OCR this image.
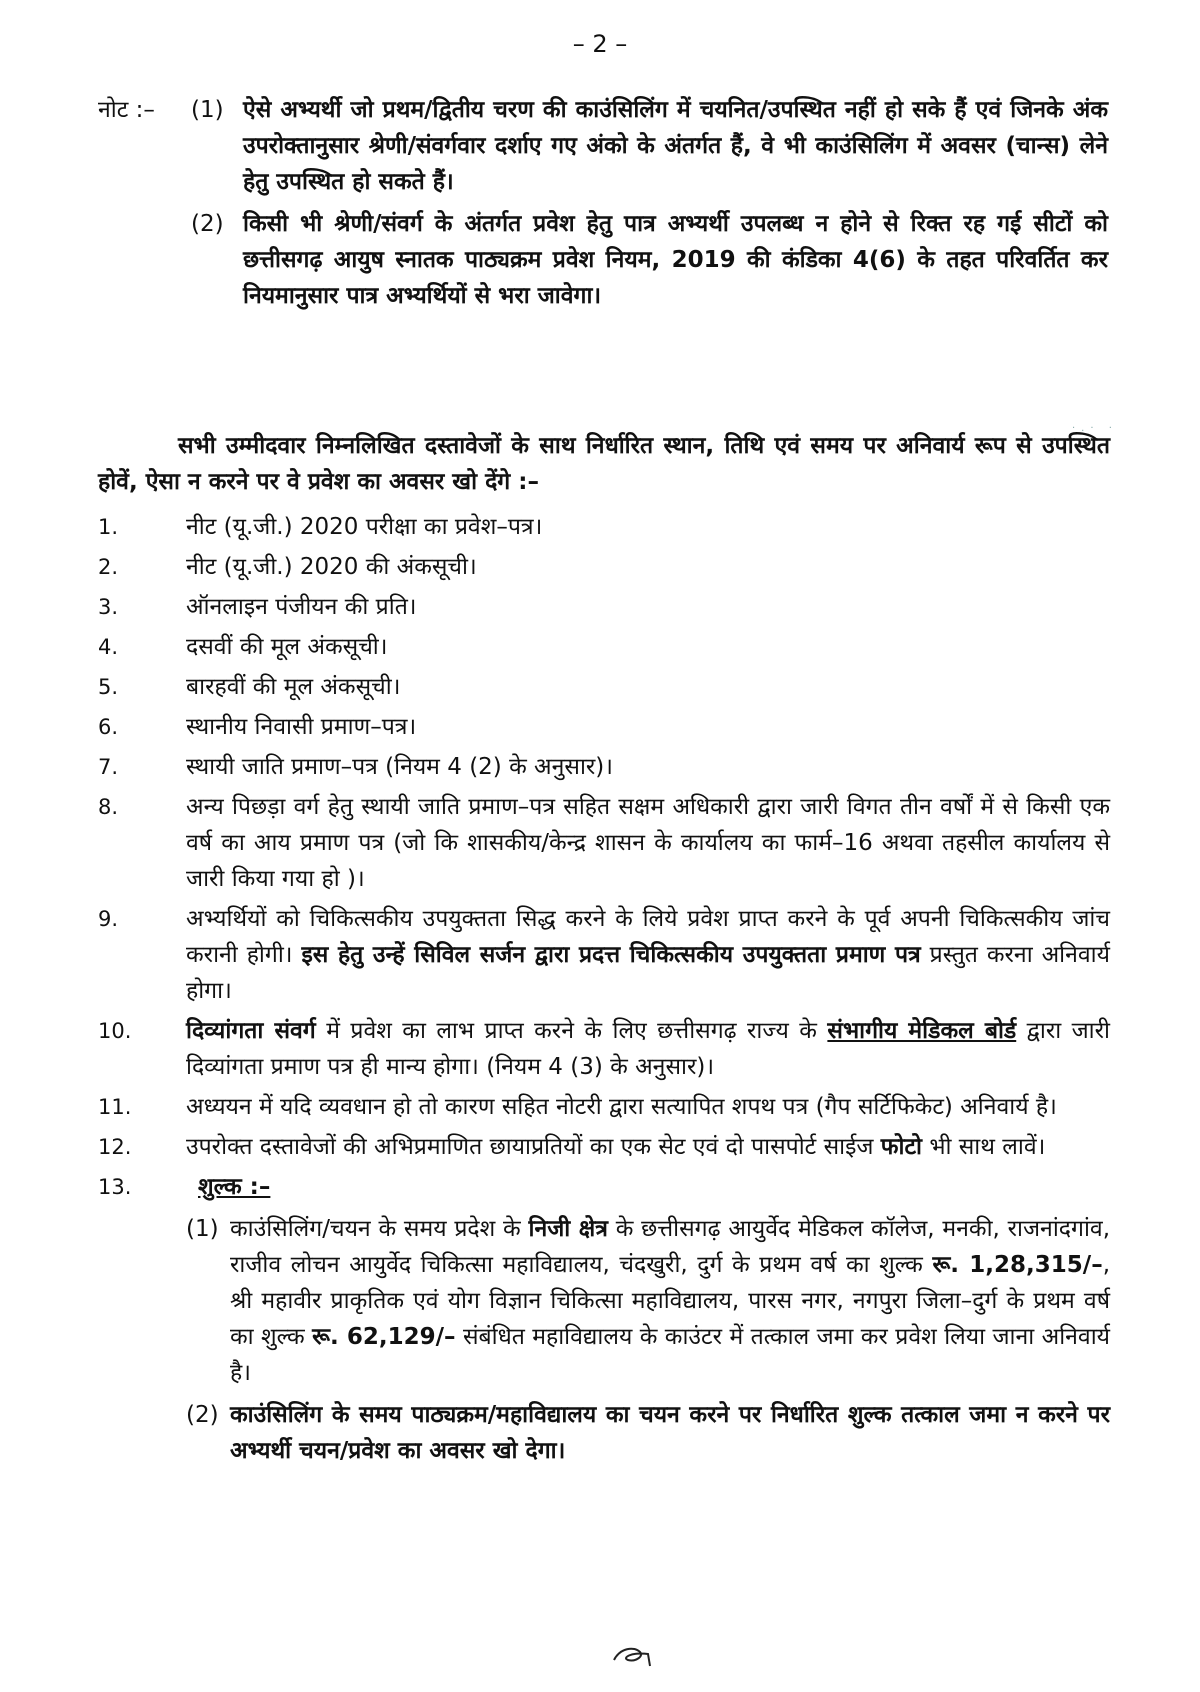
– 2 –
नोट :– (1) ऐसे अभ्यर्थी जो प्रथम/द्वितीय चरण की काउंसिलिंग में चयनित/उपस्थित नहीं हो सके हैं एवं जिनके अंक उपरोक्तानुसार श्रेणी/संवर्गवार दर्शाए गए अंको के अंतर्गत हैं, वे भी काउंसिलिंग में अवसर (चान्स) लेने हेतु उपस्थित हो सकते हैं।
(2) किसी भी श्रेणी/संवर्ग के अंतर्गत प्रवेश हेतु पात्र अभ्यर्थी उपलब्ध न होने से रिक्त रह गई सीटों को छत्तीसगढ़ आयुष स्नातक पाठ्यक्रम प्रवेश नियम, 2019 की कंडिका 4(6) के तहत परिवर्तित कर नियमानुसार पात्र अभ्यर्थियों से भरा जावेगा।
सभी उम्मीदवार निम्नलिखित दस्तावेजों के साथ निर्धारित स्थान, तिथि एवं समय पर अनिवार्य रूप से उपस्थित होवें, ऐसा न करने पर वे प्रवेश का अवसर खो देंगे :–
1.	नीट (यू.जी.) 2020 परीक्षा का प्रवेश–पत्र।
2.	नीट (यू.जी.) 2020 की अंकसूची।
3.	ऑनलाइन पंजीयन की प्रति।
4.	दसवीं की मूल अंकसूची।
5.	बारहवीं की मूल अंकसूची।
6.	स्थानीय निवासी प्रमाण–पत्र।
7.	स्थायी जाति प्रमाण–पत्र (नियम 4 (2) के अनुसार)।
8.	अन्य पिछड़ा वर्ग हेतु स्थायी जाति प्रमाण–पत्र सहित सक्षम अधिकारी द्वारा जारी विगत तीन वर्षों में से किसी एक वर्ष का आय प्रमाण पत्र (जो कि शासकीय/केन्द्र शासन के कार्यालय का फार्म–16 अथवा तहसील कार्यालय से जारी किया गया हो )।
9.	अभ्यर्थियों को चिकित्सकीय उपयुक्तता सिद्ध करने के लिये प्रवेश प्राप्त करने के पूर्व अपनी चिकित्सकीय जांच करानी होगी। इस हेतु उन्हें सिविल सर्जन द्वारा प्रदत्त चिकित्सकीय उपयुक्तता प्रमाण पत्र प्रस्तुत करना अनिवार्य होगा।
10. दिव्यांगता संवर्ग में प्रवेश का लाभ प्राप्त करने के लिए छत्तीसगढ़ राज्य के संभागीय मेडिकल बोर्ड द्वारा जारी दिव्यांगता प्रमाण पत्र ही मान्य होगा। (नियम 4 (3) के अनुसार)।
11. अध्ययन में यदि व्यवधान हो तो कारण सहित नोटरी द्वारा सत्यापित शपथ पत्र (गैप सर्टिफिकेट) अनिवार्य है।
12. उपरोक्त दस्तावेजों की अभिप्रमाणित छायाप्रतियों का एक सेट एवं दो पासपोर्ट साईज फोटो भी साथ लावें।
13.	शुल्क :–
(1) काउंसिलिंग/चयन के समय प्रदेश के निजी क्षेत्र के छत्तीसगढ़ आयुर्वेद मेडिकल कॉलेज, मनकी, राजनांदगांव, राजीव लोचन आयुर्वेद चिकित्सा महाविद्यालय, चंदखुरी, दुर्ग के प्रथम वर्ष का शुल्क रू. 1,28,315/–, श्री महावीर प्राकृतिक एवं योग विज्ञान चिकित्सा महाविद्यालय, पारस नगर, नगपुरा जिला–दुर्ग के प्रथम वर्ष का शुल्क रू. 62,129/– संबंधित महाविद्यालय के काउंटर में तत्काल जमा कर प्रवेश लिया जाना अनिवार्य है।
(2) काउंसिलिंग के समय पाठ्यक्रम/महाविद्यालय का चयन करने पर निर्धारित शुल्क तत्काल जमा न करने पर अभ्यर्थी चयन/प्रवेश का अवसर खो देगा।
·.· ·
